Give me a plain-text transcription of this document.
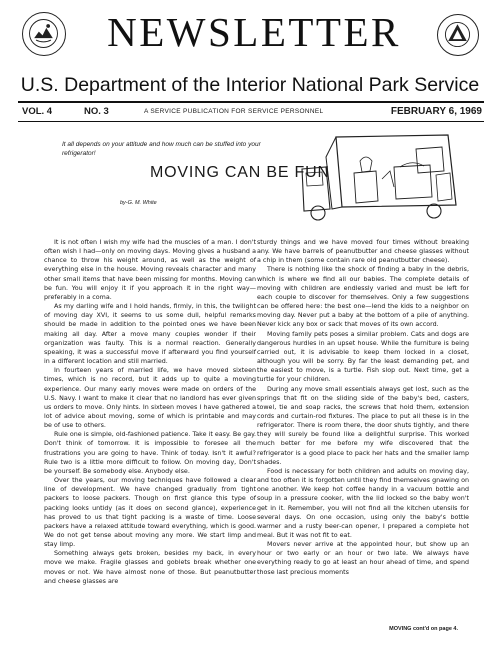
NEWSLETTER
U.S. Department of the Interior National Park Service
VOL. 4	NO. 3	A SERVICE PUBLICATION FOR SERVICE PERSONNEL	FEBRUARY 6, 1969
It all depends on your attitude and how much can be stuffed into your refrigerator!
MOVING CAN BE FUN
by-G. M. White

It is not often I wish my wife had the muscles of a man. I don't often wish I had—only on moving days. Moving gives a husband a chance to throw his weight around, as well as the weight of everything else in the house. Moving reveals character and many other small items that have been missing for months. Moving can be fun. You will enjoy it if you approach it in the right way—preferably in a coma.

As my darling wife and I hold hands, firmly, in this, the twilight of moving day XVI, it seems to us some dull, helpful remarks should be made in addition to the pointed ones we have been making all day. After a move many couples wonder if their organization was faulty. This is a normal reaction. Generally speaking, it was a successful move if afterward you find yourself in a different location and still married.

In fourteen years of married life, we have moved sixteen times, which is no record, but it adds up to quite a moving experience. Our many early moves were made on orders of the U.S. Navy. I want to make it clear that no landlord has ever given us orders to move. Only hints. In sixteen moves I have gathered a lot of advice about moving, some of which is printable and may be of use to others.

Rule one is simple, old-fashioned patience. Take it easy. Be gay. Don't think of tomorrow. It is impossible to foresee all the frustrations you are going to have. Think of today. Isn't it awful? Rule two is a little more difficult to follow. On moving day, Don't be yourself. Be somebody else. Anybody else.

Over the years, our moving techniques have followed a clear line of development. We have changed gradually from tight packers to loose packers. Though on first glance this type of packing looks untidy (as it does on second glance), experience has proved to us that tight packing is a waste of time. Loose packers have a relaxed attitude toward everything, which is good. We do not get tense about moving any more. We start limp and stay limp.

Something always gets broken, besides my back, in every move we make. Fragile glasses and goblets break whether one moves or not. We have almost none of those. But peanutbutter and cheese glasses are

sturdy things and we have moved four times without breaking any. We have barrels of peanutbutter and cheese glasses without a chip in them (some contain rare old peanutbutter cheese).

There is nothing like the shock of finding a baby in the debris, which is where we find all our babies. The complete details of moving with children are endlessly varied and must be left for each couple to discover for themselves. Only a few suggestions can be offered here: the best one—lend the kids to a neighbor on moving day. Never put a baby at the bottom of a pile of anything. Never kick any box or sack that moves of its own accord.

Moving family pets poses a similar problem. Cats and dogs are dangerous hurdles in an upset house. While the furniture is being carried out, it is advisable to keep them locked in a closet, although you will be sorry. By far the least demanding pet, and the easiest to move, is a turtle. Fish slop out. Next time, get a turtle for your children.

During any move small essentials always get lost, such as the springs that fit on the sliding side of the baby's bed, casters, towel, tie and soap racks, the screws that hold them, extension cords and curtain-rod fixtures. The place to put all these is in the refrigerator. There is room there, the door shuts tightly, and there they will surely be found like a delightful surprise. This worked much better for me before my wife discovered that the refrigerator is a good place to pack her hats and the smaller lamp shades.

Food is necessary for both children and adults on moving day, and too often it is forgotten until they find themselves gnawing on one another. We keep hot coffee handy in a vacuum bottle and soup in a pressure cooker, with the lid locked so the baby won't get in it. Remember, you will not find all the kitchen utensils for several days. On one occasion, using only the baby's bottle warmer and a rusty beer-can opener, I prepared a complete hot meal. But it was not fit to eat.

Movers never arrive at the appointed hour, but show up an hour or two early or an hour or two late. We always have everything ready to go at least an hour ahead of time, and spend those last precious moments

MOVING cont'd on page 4.
